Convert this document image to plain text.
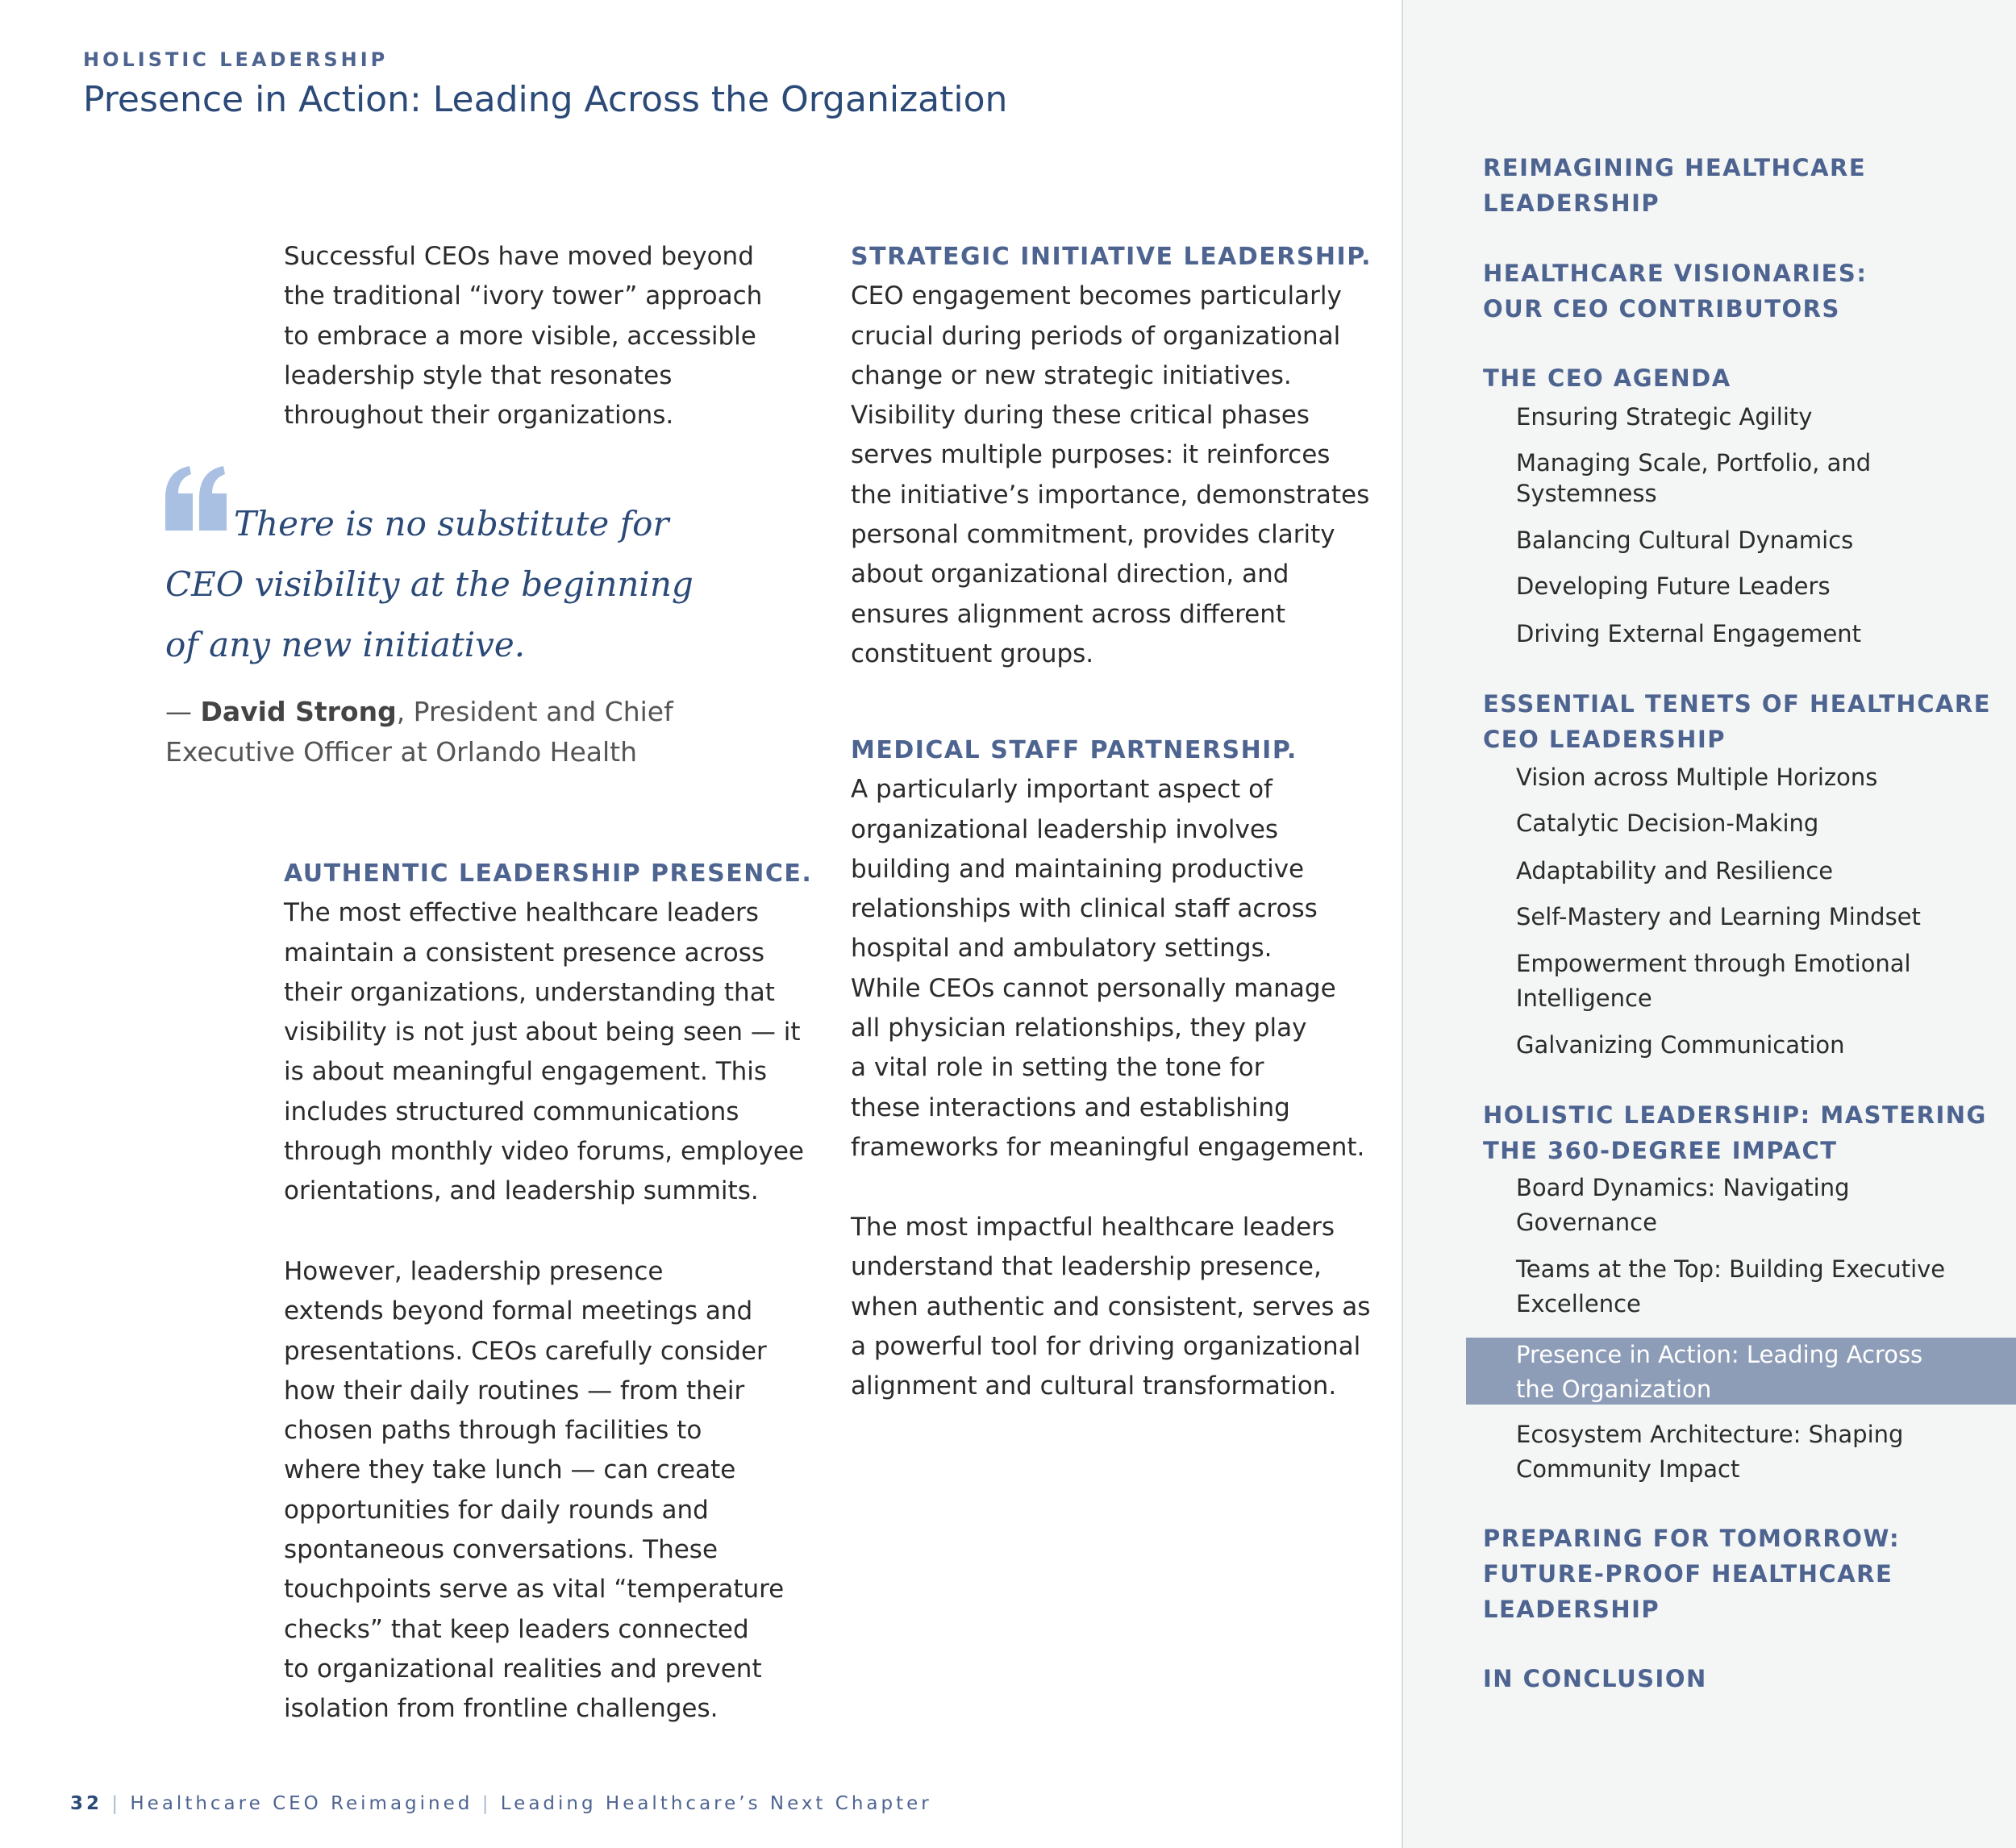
HOLISTIC LEADERSHIP
Presence in Action: Leading Across the Organization
Successful CEOs have moved beyond
the traditional “ivory tower” approach
to embrace a more visible, accessible
leadership style that resonates
throughout their organizations.
There is no substitute for
CEO visibility at the beginning
of any new initiative.
— David Strong, President and Chief
Executive Officer at Orlando Health
AUTHENTIC LEADERSHIP PRESENCE.
The most effective healthcare leaders
maintain a consistent presence across
their organizations, understanding that
visibility is not just about being seen — it
is about meaningful engagement. This
includes structured communications
through monthly video forums, employee
orientations, and leadership summits.
However, leadership presence
extends beyond formal meetings and
presentations. CEOs carefully consider
how their daily routines — from their
chosen paths through facilities to
where they take lunch — can create
opportunities for daily rounds and
spontaneous conversations. These
touchpoints serve as vital “temperature
checks” that keep leaders connected
to organizational realities and prevent
isolation from frontline challenges.
STRATEGIC INITIATIVE LEADERSHIP.
CEO engagement becomes particularly
crucial during periods of organizational
change or new strategic initiatives.
Visibility during these critical phases
serves multiple purposes: it reinforces
the initiative’s importance, demonstrates
personal commitment, provides clarity
about organizational direction, and
ensures alignment across different
constituent groups.
MEDICAL STAFF PARTNERSHIP.
A particularly important aspect of
organizational leadership involves
building and maintaining productive
relationships with clinical staff across
hospital and ambulatory settings.
While CEOs cannot personally manage
all physician relationships, they play
a vital role in setting the tone for
these interactions and establishing
frameworks for meaningful engagement.
The most impactful healthcare leaders
understand that leadership presence,
when authentic and consistent, serves as
a powerful tool for driving organizational
alignment and cultural transformation.
32 | Healthcare CEO Reimagined | Leading Healthcare’s Next Chapter
REIMAGINING HEALTHCARE
LEADERSHIP
HEALTHCARE VISIONARIES:
OUR CEO CONTRIBUTORS
THE CEO AGENDA
Ensuring Strategic Agility
Managing Scale, Portfolio, and
Systemness
Balancing Cultural Dynamics
Developing Future Leaders
Driving External Engagement
ESSENTIAL TENETS OF HEALTHCARE
CEO LEADERSHIP
Vision across Multiple Horizons
Catalytic Decision-Making
Adaptability and Resilience
Self-Mastery and Learning Mindset
Empowerment through Emotional
Intelligence
Galvanizing Communication
HOLISTIC LEADERSHIP: MASTERING
THE 360-DEGREE IMPACT
Board Dynamics: Navigating
Governance
Teams at the Top: Building Executive
Excellence
Presence in Action: Leading Across
the Organization
Ecosystem Architecture: Shaping
Community Impact
PREPARING FOR TOMORROW:
FUTURE-PROOF HEALTHCARE
LEADERSHIP
IN CONCLUSION
